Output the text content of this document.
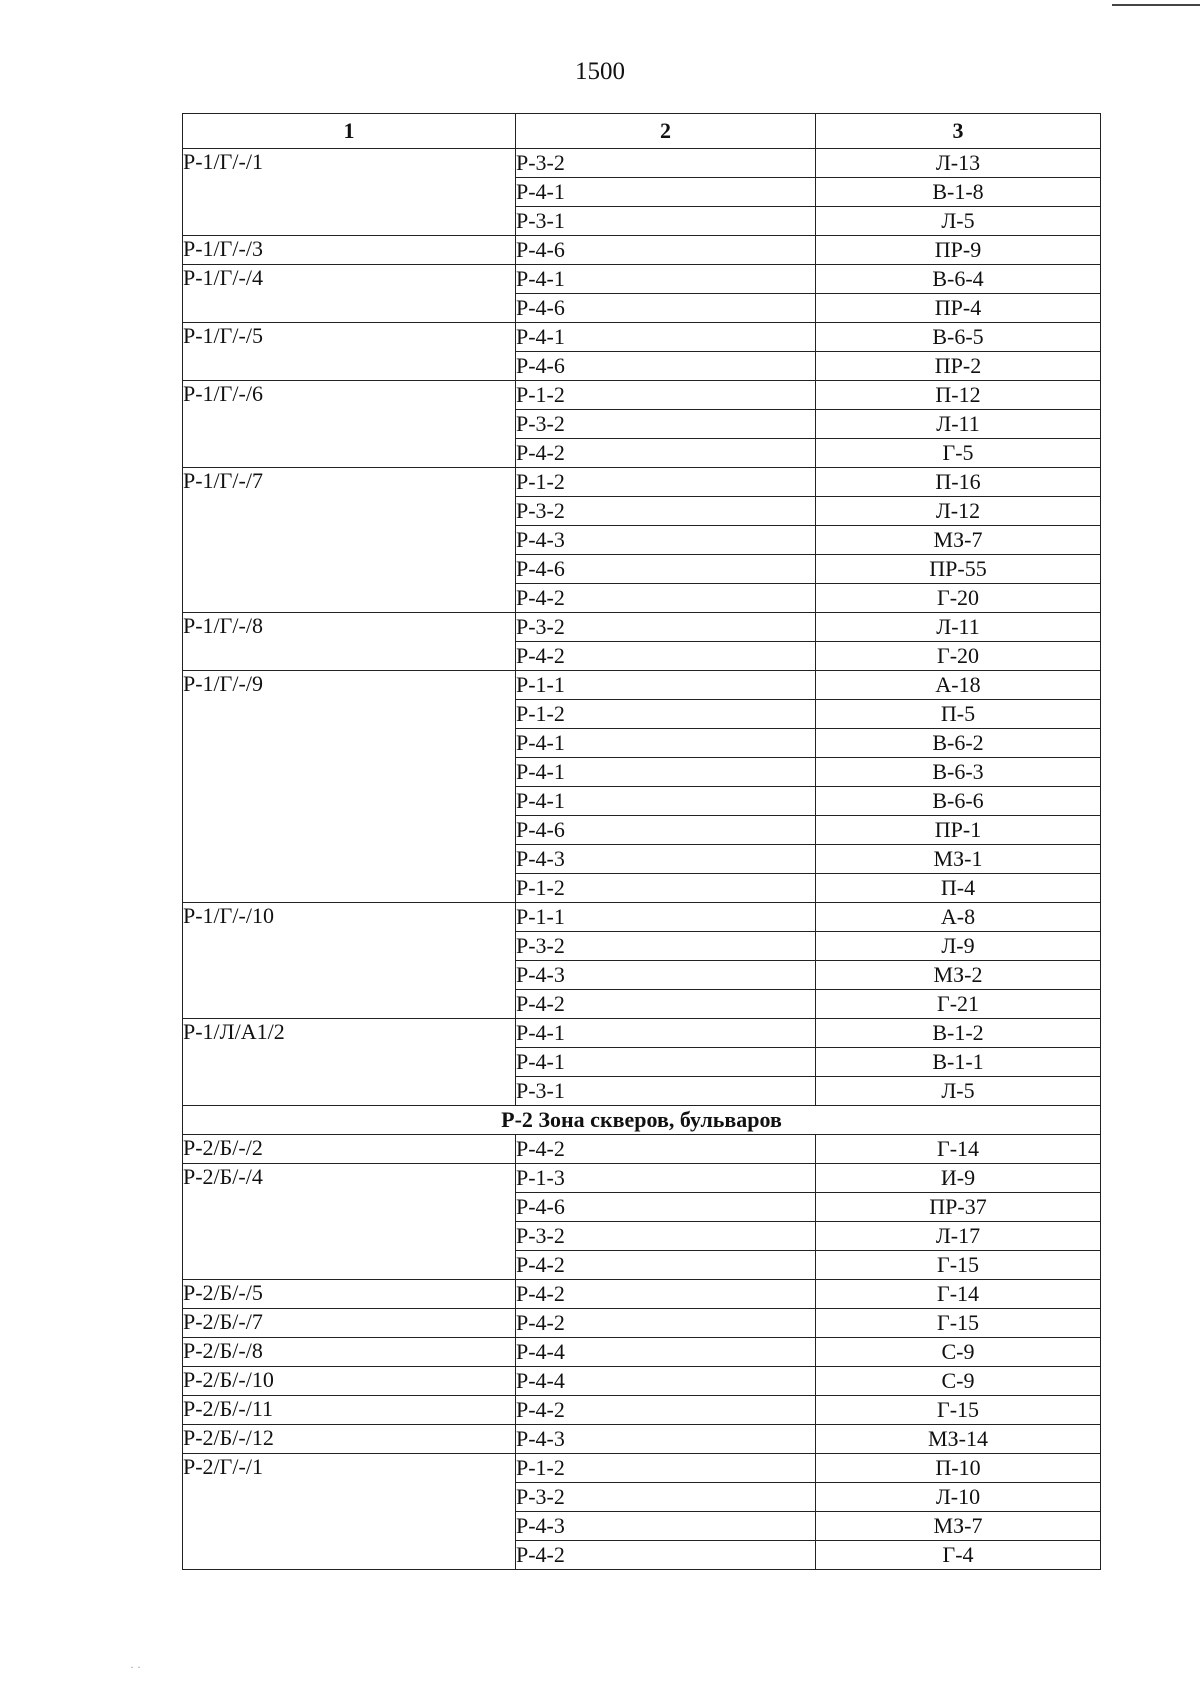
1500
1	2	3
Р-1/Г/-/1	Р-3-2	Л-13
	Р-4-1	В-1-8
	Р-3-1	Л-5
Р-1/Г/-/3	Р-4-6	ПР-9
Р-1/Г/-/4	Р-4-1	В-6-4
	Р-4-6	ПР-4
Р-1/Г/-/5	Р-4-1	В-6-5
	Р-4-6	ПР-2
Р-1/Г/-/6	Р-1-2	П-12
	Р-3-2	Л-11
	Р-4-2	Г-5
Р-1/Г/-/7	Р-1-2	П-16
	Р-3-2	Л-12
	Р-4-3	МЗ-7
	Р-4-6	ПР-55
	Р-4-2	Г-20
Р-1/Г/-/8	Р-3-2	Л-11
	Р-4-2	Г-20
Р-1/Г/-/9	Р-1-1	А-18
	Р-1-2	П-5
	Р-4-1	В-6-2
	Р-4-1	В-6-3
	Р-4-1	В-6-6
	Р-4-6	ПР-1
	Р-4-3	МЗ-1
	Р-1-2	П-4
Р-1/Г/-/10	Р-1-1	А-8
	Р-3-2	Л-9
	Р-4-3	МЗ-2
	Р-4-2	Г-21
Р-1/Л/А1/2	Р-4-1	В-1-2
	Р-4-1	В-1-1
	Р-3-1	Л-5
Р-2 Зона скверов, бульваров		
Р-2/Б/-/2	Р-4-2	Г-14
Р-2/Б/-/4	Р-1-3	И-9
	Р-4-6	ПР-37
	Р-3-2	Л-17
	Р-4-2	Г-15
Р-2/Б/-/5	Р-4-2	Г-14
Р-2/Б/-/7	Р-4-2	Г-15
Р-2/Б/-/8	Р-4-4	С-9
Р-2/Б/-/10	Р-4-4	С-9
Р-2/Б/-/11	Р-4-2	Г-15
Р-2/Б/-/12	Р-4-3	МЗ-14
Р-2/Г/-/1	Р-1-2	П-10
	Р-3-2	Л-10
	Р-4-3	МЗ-7
	Р-4-2	Г-4
· ·
